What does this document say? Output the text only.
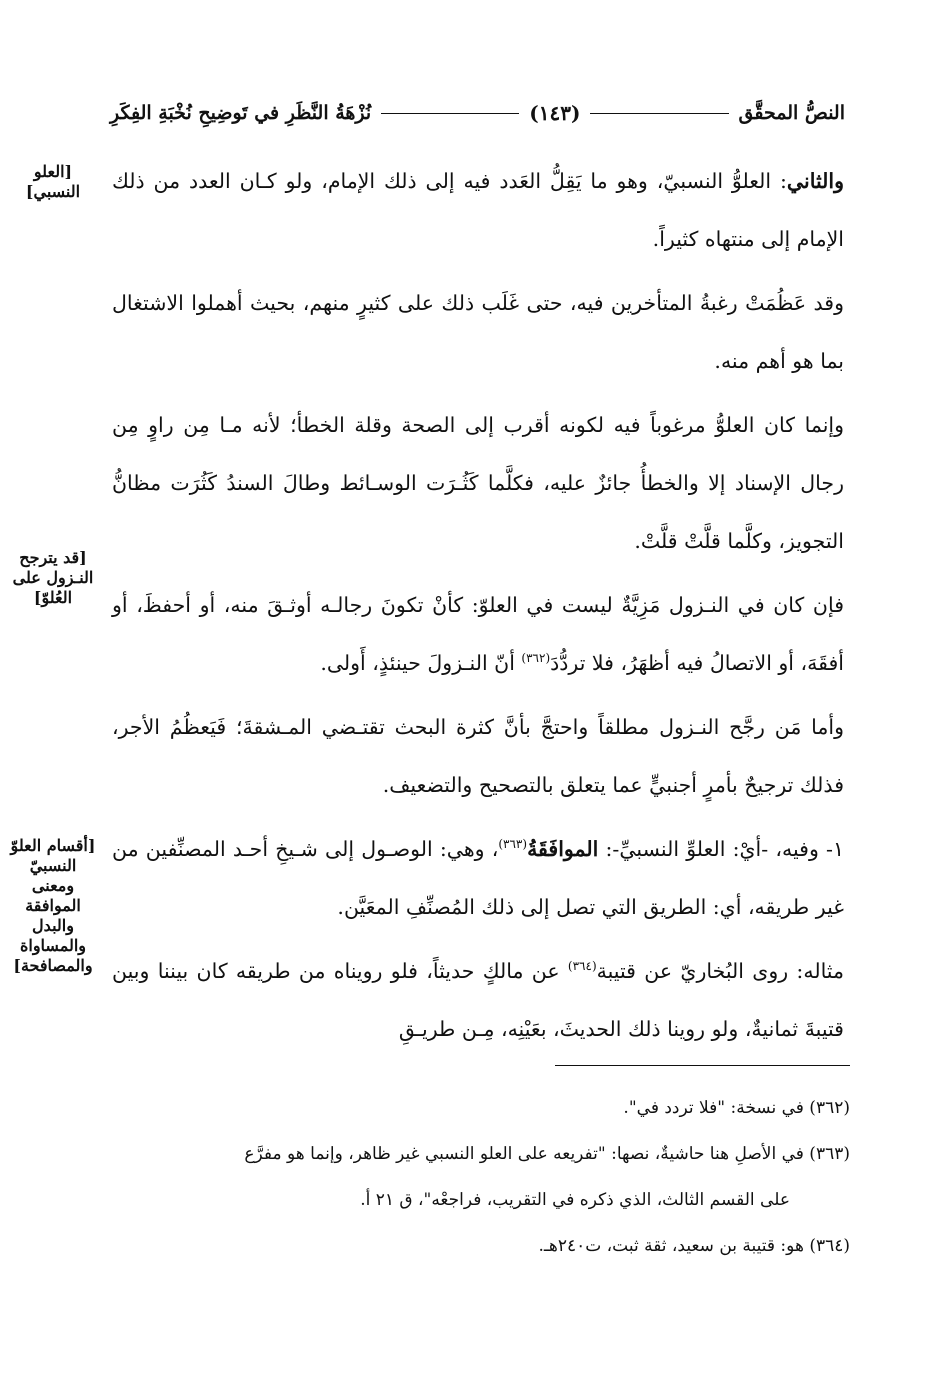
النصُّ المحقَّق
(١٤٣)
نُزْهَةُ النَّظَرِ في تَوضِيحِ نُخْبَةِ الفِكَرِ

والثاني: العلوُّ النسبيّ، وهو ما يَقِلُّ العَدد فيه إلى ذلك الإمام، ولو كـان العدد من ذلك الإمام إلى منتهاه كثيراً.

وقد عَظُمَتْ رغبةُ المتأخرين فيه، حتى غَلَب ذلك على كثيرٍ منهم، بحيث أهملوا الاشتغال بما هو أهم منه.

وإنما كان العلوُّ مرغوباً فيه لكونه أقرب إلى الصحة وقلة الخطأ؛ لأنه مـا مِن راوٍ مِن رجال الإسناد إلا والخطأُ جائزٌ عليه، فكلَّما كَثُـرَت الوسـائط وطالَ السندُ كَثُرَت مظانُّ التجويز، وكلَّما قلَّتْ قلَّتْ.

فإن كان في النـزول مَزِيَّةٌ ليست في العلوّ: كأنْ تكونَ رجالـه أوثـقَ منه، أو أحفظَ، أو أفقَهَ، أو الاتصالُ فيه أظهَرُ، فلا تردُّدَ$^{(٣٦٢)}$ أنّ النـزولَ حينئذٍ، أَولى.

وأما مَن رجَّح النـزول مطلقاً واحتجَّ بأنَّ كثرة البحث تقتـضي المـشقةَ؛ فَيَعظُمُ الأجر، فذلك ترجيحٌ بأمرٍ أجنبيٍّ عما يتعلق بالتصحيح والتضعيف.

١- وفيه، -أيْ: العلوِّ النسبيِّ-: الموافَقَةُ$^{(٣٦٣)}$، وهي: الوصـول إلى شـيخِ أحـد المصنِّفين من غير طريقه، أي: الطريق التي تصل إلى ذلك المُصنِّفِ المعَيَّن.

مثاله: روى البُخاريّ عن قتيبة$^{(٣٦٤)}$ عن مالكٍ حديثاً، فلو رويناه من طريقه كان بيننا وبين قتيبةَ ثمانيةٌ، ولو روينا ذلك الحديثَ، بعَيْنِه، مِـن طريـقِ

[العلو النسبي]
[قد يترجح النـزول على العُلوّ]
[أقسام العلوّ النسبيّ ومعنى الموافقة والبدل والمساواة والمصافحة]

(٣٦٢) في نسخة: "فلا تردد في".

(٣٦٣) في الأصلِ هنا حاشيةٌ، نصها: "تفريعه على العلو النسبي غير ظاهر، وإنما هو مفرَّع

على القسم الثالث، الذي ذكره في التقريب، فراجعْه"، ق ٢١ أ.

(٣٦٤) هو: قتيبة بن سعيد، ثقة ثبت، ت٢٤٠هـ.
